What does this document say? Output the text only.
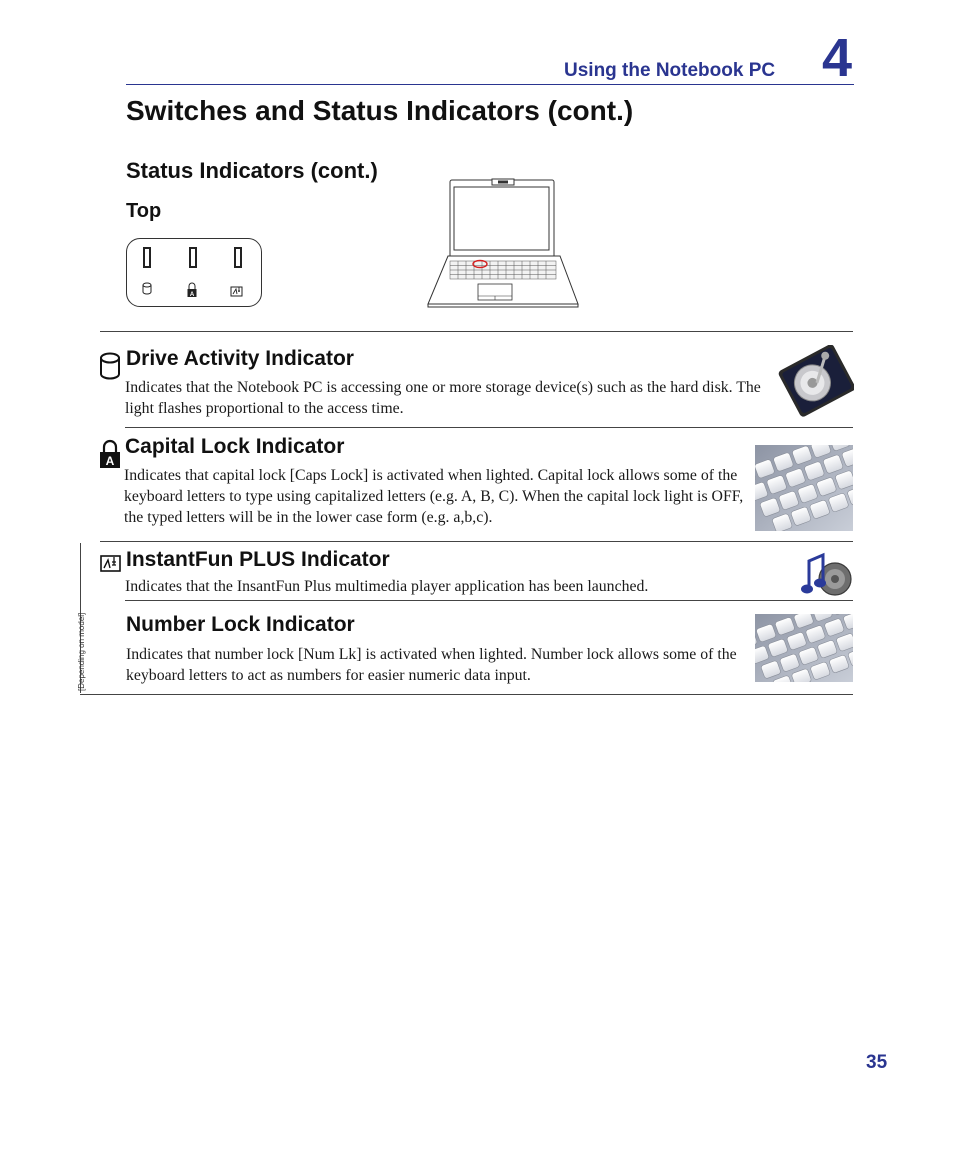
Using the Notebook PC 4
Switches and Status Indicators (cont.)
Status Indicators (cont.)
Top
A
Drive Activity Indicator
Indicates that the Notebook PC is accessing one or more storage device(s) such as the hard disk. The light flashes proportional to the access time.
A
Capital Lock Indicator
Indicates that capital lock [Caps Lock] is activated when lighted. Capital lock allows some of the keyboard letters to type using capitalized letters (e.g. A, B, C). When the capital lock light is OFF, the typed letters will be in the lower case form (e.g. a,b,c).
[Depending on model]
InstantFun PLUS Indicator
Indicates that the InsantFun Plus multimedia player application has been launched.
Number Lock Indicator
Indicates that number lock [Num Lk] is activated when lighted. Number lock allows some of the keyboard letters to act as numbers for easier numeric data input.
35
